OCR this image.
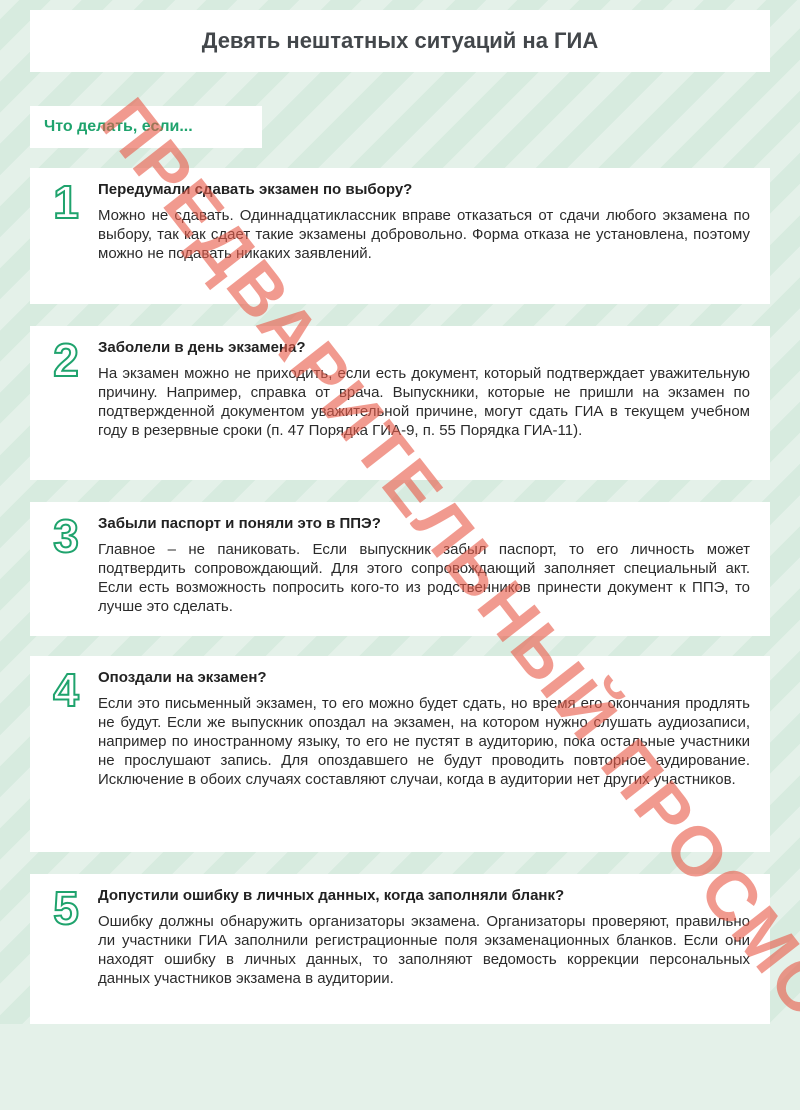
Девять нештатных ситуаций на ГИА
Что делать, если...
1	Передумали сдавать экзамен по выбору?

Можно не сдавать. Одиннадцатиклассник вправе отказаться от сдачи любого экзамена по выбору, так как сдает такие экзамены добровольно. Форма отказа не установлена, поэтому можно не подавать никаких заявлений.

2	Заболели в день экзамена?

На экзамен можно не приходить, если есть документ, который подтверждает уважительную причину. Например, справка от врача. Выпускники, которые не пришли на экзамен по подтвержденной документом уважительной причине, могут сдать ГИА в текущем учебном году в резервные сроки (п. 47 Порядка ГИА-9, п. 55 Порядка ГИА-11).

3	Забыли паспорт и поняли это в ППЭ?

Главное – не паниковать. Если выпускник забыл паспорт, то его личность может подтвердить сопровождающий. Для этого сопровождающий заполняет специальный акт. Если есть возможность попросить кого-то из родственников принести документ к ППЭ, то лучше это сделать.

4	Опоздали на экзамен?

Если это письменный экзамен, то его можно будет сдать, но время его окончания продлять не будут. Если же выпускник опоздал на экзамен, на котором нужно слушать аудиозаписи, например по иностранному языку, то его не пустят в аудиторию, пока остальные участники не прослушают запись. Для опоздавшего не будут проводить повторное аудирование. Исключение в обоих случаях составляют случаи, когда в аудитории нет других участников.

5	Допустили ошибку в личных данных, когда заполняли бланк?

Ошибку должны обнаружить организаторы экзамена. Организаторы проверяют, правильно ли участники ГИА заполнили регистрационные поля экзаменационных бланков. Если они находят ошибку в личных данных, то заполняют ведомость коррекции персональных данных участников экзамена в аудитории.

ПРЕДВАРИТЕЛЬНЫЙ
